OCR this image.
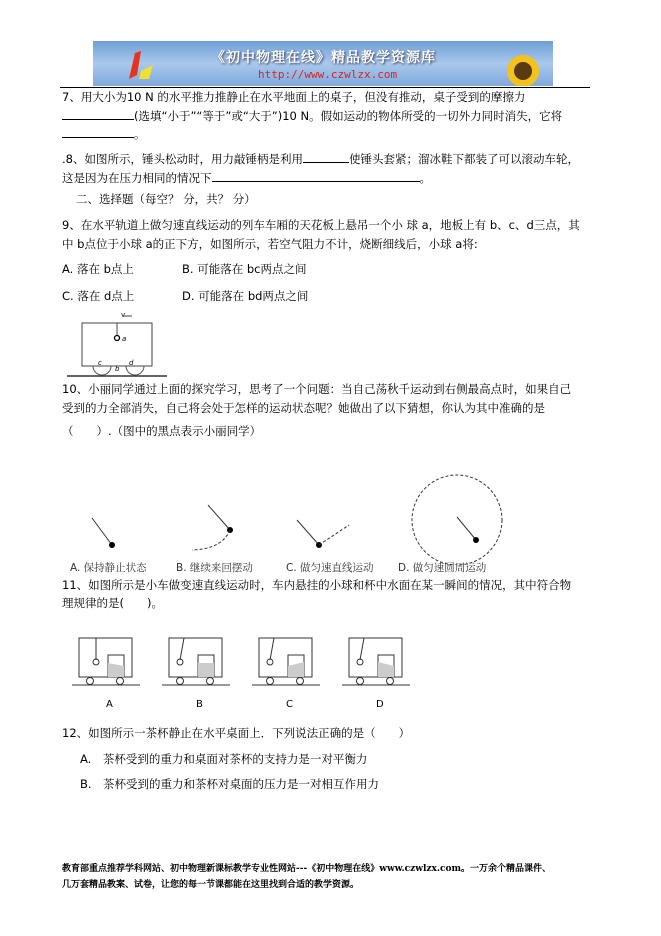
《初中物理在线》精品教学资源库
http://www.czwlzx.com
7、用大小为10 N 的水平推力推静止在水平地面上的桌子，但没有推动，桌子受到的摩擦力
(选填“小于”“等于”或“大于”)10 N。假如运动的物体所受的一切外力同时消失，它将
。
.8、如图所示，锤头松动时，用力敲锤柄是利用	使锤头套紧；溜冰鞋下都装了可以滚动车轮，
这是因为在压力相同的情况下	。
二、选择题（每空？ 分，共？ 分）
9、在水平轨道上做匀速直线运动的列车车厢的天花板上悬吊一个小 球 a，地板上有 b、c、d三点，其
中 b点位于小球 a的正下方，如图所示，若空气阻力不计，烧断细线后，小球 a将:
A. 落在 b点上	B. 可能落在 bc两点之间
C. 落在 d点上	D. 可能落在 bd两点之间
v
a
c
b
d
10、小丽同学通过上面的探究学习，思考了一个问题：当自己荡秋千运动到右侧最高点时，如果自己
受到的力全部消失，自己将会处于怎样的运动状态呢？她做出了以下猜想，你认为其中准确的是
（　　）.（图中的黑点表示小丽同学）
A. 保持静止状态	B. 继续来回摆动	C. 做匀速直线运动 D. 做匀速圆周运动
11、如图所示是小车做变速直线运动时，车内悬挂的小球和杯中水面在某一瞬间的情况，其中符合物
理规律的是(　　)。
A	B	C	D
12、如图所示一茶杯静止在水平桌面上．下列说法正确的是（　　）
A.　茶杯受到的重力和桌面对茶杯的支持力是一对平衡力
B.　茶杯受到的重力和茶杯对桌面的压力是一对相互作用力
教育部重点推荐学科网站、初中物理新课标教学专业性网站---《初中物理在线》www.czwlzx.com。一万余个精品课件、
几万套精品教案、试卷，让您的每一节课都能在这里找到合适的教学资源。
